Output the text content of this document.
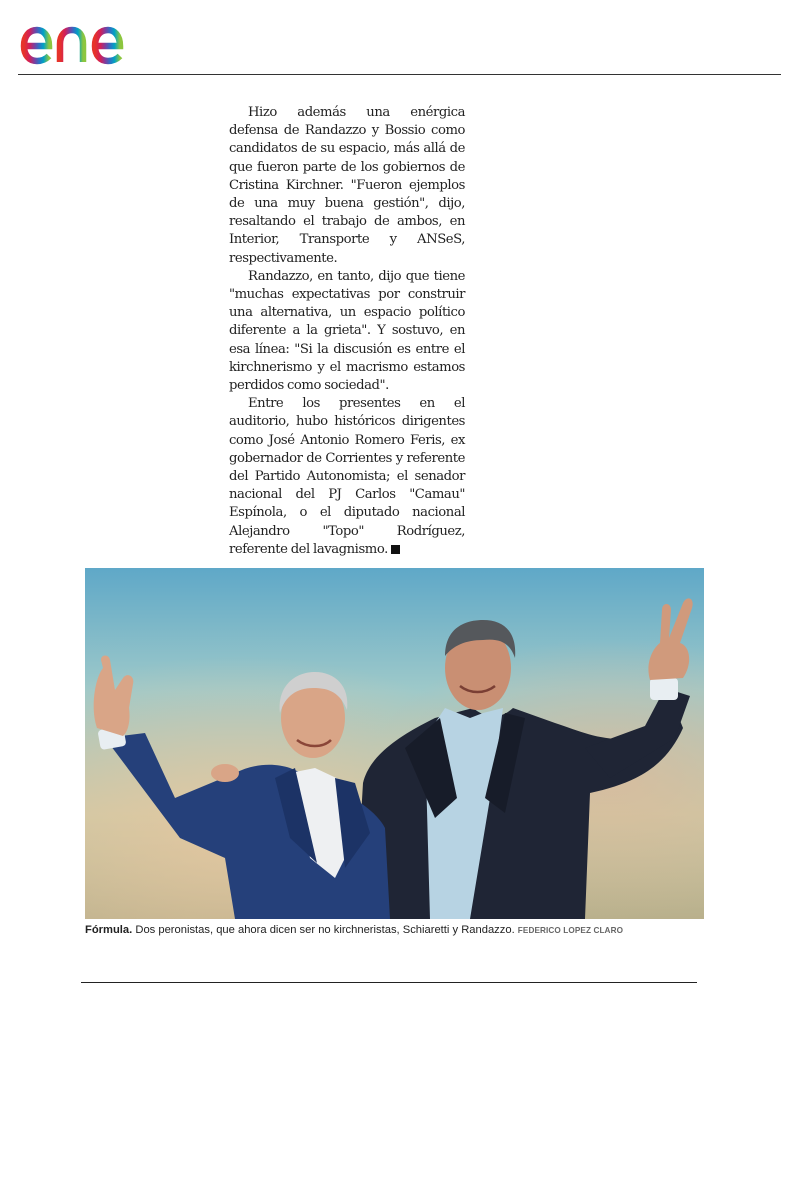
Hizo además una enérgica defensa de Randazzo y Bossio como candidatos de su espacio, más allá de que fueron parte de los gobiernos de Cristina Kirchner. "Fueron ejemplos de una muy buena gestión", dijo, resaltando el trabajo de ambos, en Interior, Transporte y ANSeS, respectivamente.

Randazzo, en tanto, dijo que tiene "muchas expectativas por construir una alternativa, un espacio político diferente a la grieta". Y sostuvo, en esa línea: "Si la discusión es entre el kirchnerismo y el macrismo estamos perdidos como sociedad".

Entre los presentes en el auditorio, hubo históricos dirigentes como José Antonio Romero Feris, ex gobernador de Corrientes y referente del Partido Autonomista; el senador nacional del PJ Carlos "Camau" Espínola, o el diputado nacional Alejandro "Topo" Rodríguez, referente del lavagnismo.

Fórmula. Dos peronistas, que ahora dicen ser no kirchneristas, Schiaretti y Randazzo. FEDERICO LOPEZ CLARO
